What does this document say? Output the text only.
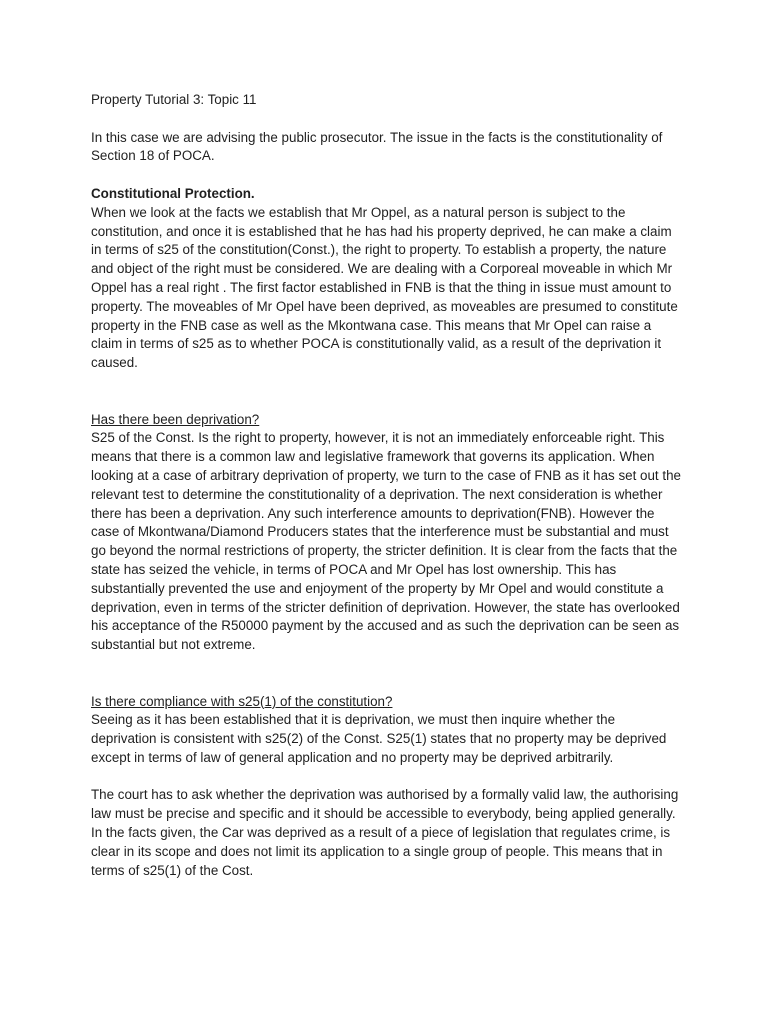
Property Tutorial 3: Topic 11

In this case we are advising the public prosecutor. The issue in the facts is the constitutionality of Section 18 of POCA.

Constitutional Protection.

When we look at the facts we establish that Mr Oppel, as a natural person is subject to the constitution, and once it is established that he has had his property deprived, he can make a claim in terms of s25 of the constitution(Const.), the right to property. To establish a property, the nature and object of the right must be considered. We are dealing with a Corporeal moveable in which Mr Oppel has a real right . The first factor established in FNB is that the thing in issue must amount to property. The moveables of Mr Opel have been deprived, as moveables are presumed to constitute property in the FNB case as well as the Mkontwana case. This means that Mr Opel can raise a claim in terms of s25 as to whether POCA is constitutionally valid, as a result of the deprivation it caused.

Has there been deprivation?

S25 of the Const. Is the right to property, however, it is not an immediately enforceable right. This means that there is a common law and legislative framework that governs its application. When looking at a case of arbitrary deprivation of property, we turn to the case of FNB as it has set out the relevant test to determine the constitutionality of a deprivation. The next consideration is whether there has been a deprivation. Any such interference amounts to deprivation(FNB). However the case of Mkontwana/Diamond Producers states that the interference must be substantial and must go beyond the normal restrictions of property, the stricter definition. It is clear from the facts that the state has seized the vehicle, in terms of POCA and Mr Opel has lost ownership. This has substantially prevented the use and enjoyment of the property by Mr Opel and would constitute a deprivation, even in terms of the stricter definition of deprivation. However, the state has overlooked his acceptance of the R50000 payment by the accused and as such the deprivation can be seen as substantial but not extreme.

Is there compliance with s25(1) of the constitution?

Seeing as it has been established that it is deprivation, we must then inquire whether the deprivation is consistent with s25(2) of the Const. S25(1) states that no property may be deprived except in terms of law of general application and no property may be deprived arbitrarily.

The court has to ask whether the deprivation was authorised by a formally valid law, the authorising law must be precise and specific and it should be accessible to everybody, being applied generally. In the facts given, the Car was deprived as a result of a piece of legislation that regulates crime, is clear in its scope and does not limit its application to a single group of people. This means that in terms of s25(1) of the Cost.
